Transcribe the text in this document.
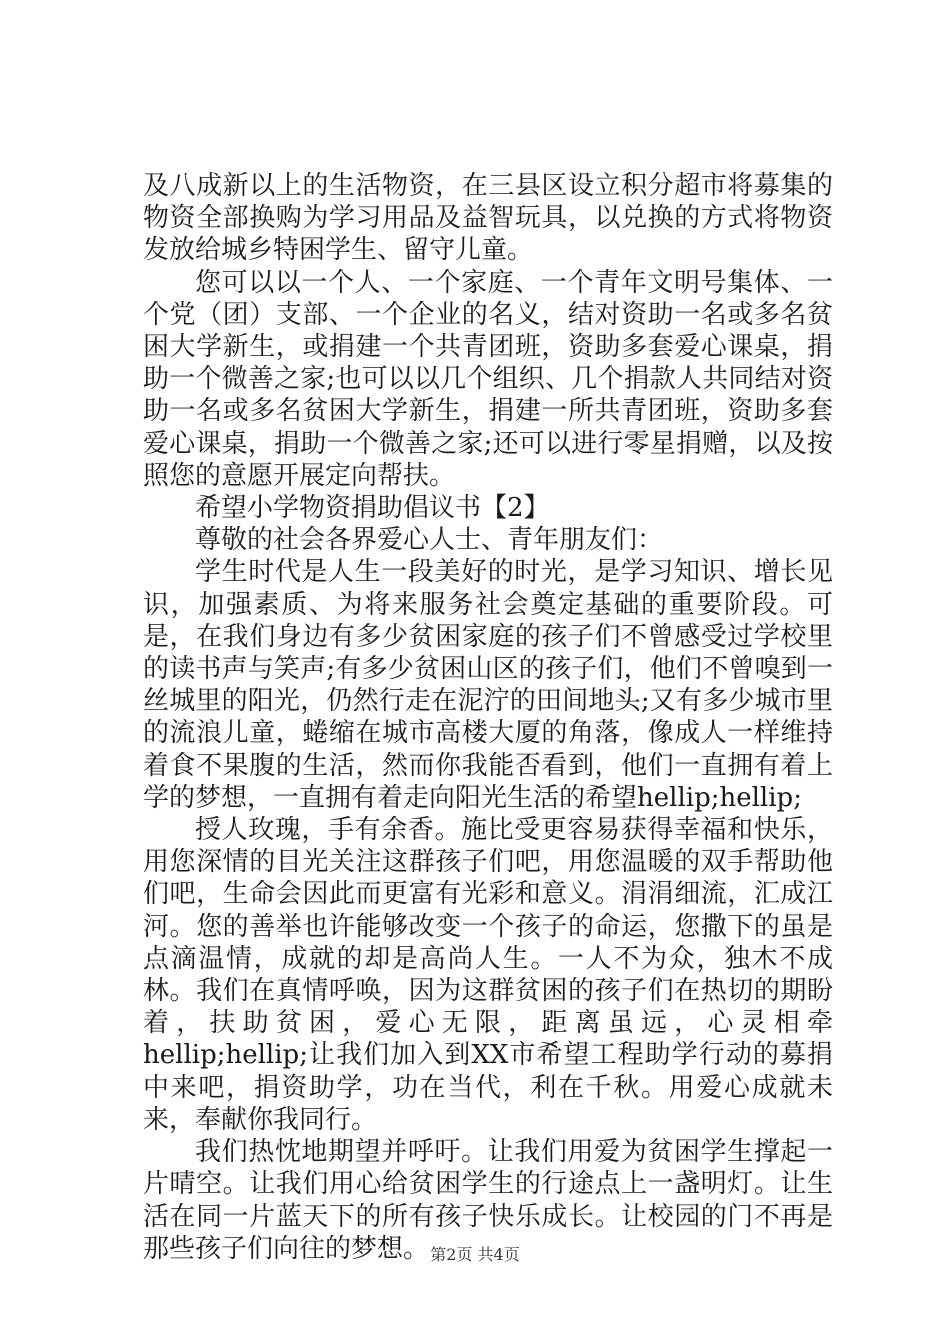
及八成新以上的生活物资，在三县区设立积分超市将募集的物资全部换购为学习用品及益智玩具，以兑换的方式将物资发放给城乡特困学生、留守儿童。

您可以以一个人、一个家庭、一个青年文明号集体、一个党（团）支部、一个企业的名义，结对资助一名或多名贫困大学新生，或捐建一个共青团班，资助多套爱心课桌，捐助一个微善之家;也可以以几个组织、几个捐款人共同结对资助一名或多名贫困大学新生，捐建一所共青团班，资助多套爱心课桌，捐助一个微善之家;还可以进行零星捐赠，以及按照您的意愿开展定向帮扶。

希望小学物资捐助倡议书【2】

尊敬的社会各界爱心人士、青年朋友们：

学生时代是人生一段美好的时光，是学习知识、增长见识，加强素质、为将来服务社会奠定基础的重要阶段。可是，在我们身边有多少贫困家庭的孩子们不曾感受过学校里的读书声与笑声;有多少贫困山区的孩子们，他们不曾嗅到一丝城里的阳光，仍然行走在泥泞的田间地头;又有多少城市里的流浪儿童，蜷缩在城市高楼大厦的角落，像成人一样维持着食不果腹的生活，然而你我能否看到，他们一直拥有着上学的梦想，一直拥有着走向阳光生活的希望hellip;hellip;

授人玫瑰，手有余香。施比受更容易获得幸福和快乐，用您深情的目光关注这群孩子们吧，用您温暖的双手帮助他们吧，生命会因此而更富有光彩和意义。涓涓细流，汇成江河。您的善举也许能够改变一个孩子的命运，您撒下的虽是点滴温情，成就的却是高尚人生。一人不为众，独木不成林。我们在真情呼唤，因为这群贫困的孩子们在热切的期盼着，扶助贫困，爱心无限，距离虽远，心灵相牵hellip;hellip;让我们加入到XX市希望工程助学行动的募捐中来吧，捐资助学，功在当代，利在千秋。用爱心成就未来，奉献你我同行。

我们热忱地期望并呼吁。让我们用爱为贫困学生撑起一片晴空。让我们用心给贫困学生的行途点上一盏明灯。让生活在同一片蓝天下的所有孩子快乐成长。让校园的门不再是那些孩子们向往的梦想。 第2页 共4页
